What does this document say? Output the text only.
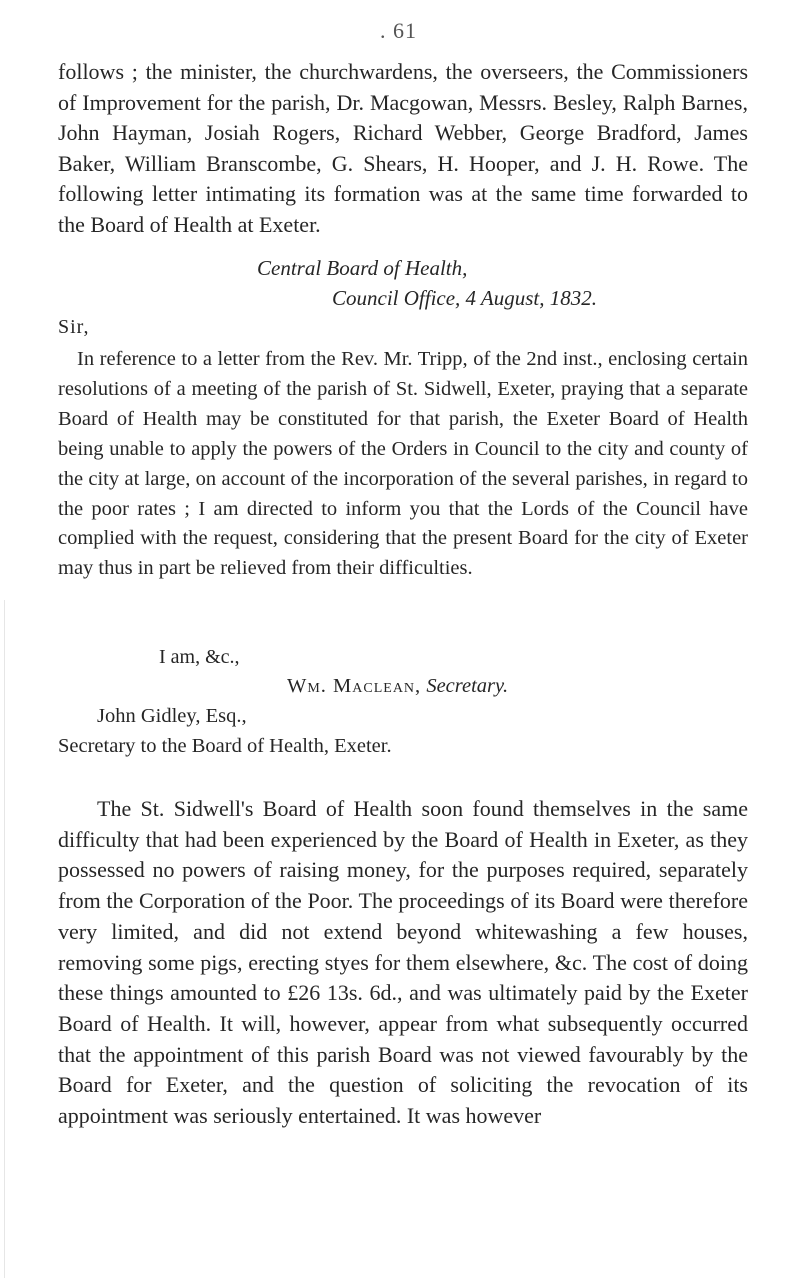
. 61
follows ; the minister, the churchwardens, the overseers, the Commissioners of Improvement for the parish, Dr. Macgowan, Messrs. Besley, Ralph Barnes, John Hayman, Josiah Rogers, Richard Webber, George Bradford, James Baker, William Branscombe, G. Shears, H. Hooper, and J. H. Rowe. The following letter intimating its formation was at the same time forwarded to the Board of Health at Exeter.
Central Board of Health,
Council Office, 4 August, 1832.
Sir,
In reference to a letter from the Rev. Mr. Tripp, of the 2nd inst., enclosing certain resolutions of a meeting of the parish of St. Sidwell, Exeter, praying that a separate Board of Health may be constituted for that parish, the Exeter Board of Health being unable to apply the powers of the Orders in Council to the city and county of the city at large, on account of the incorporation of the several parishes, in regard to the poor rates ; I am directed to inform you that the Lords of the Council have complied with the request, considering that the present Board for the city of Exeter may thus in part be relieved from their difficulties.
I am, &c.,
Wm. Maclean, Secretary.
John Gidley, Esq.,
Secretary to the Board of Health, Exeter.
The St. Sidwell's Board of Health soon found themselves in the same difficulty that had been experienced by the Board of Health in Exeter, as they possessed no powers of raising money, for the purposes required, separately from the Corporation of the Poor. The proceedings of its Board were therefore very limited, and did not extend beyond whitewashing a few houses, removing some pigs, erecting styes for them elsewhere, &c. The cost of doing these things amounted to £26 13s. 6d., and was ultimately paid by the Exeter Board of Health. It will, however, appear from what subsequently occurred that the appointment of this parish Board was not viewed favourably by the Board for Exeter, and the question of soliciting the revocation of its appointment was seriously entertained. It was however
